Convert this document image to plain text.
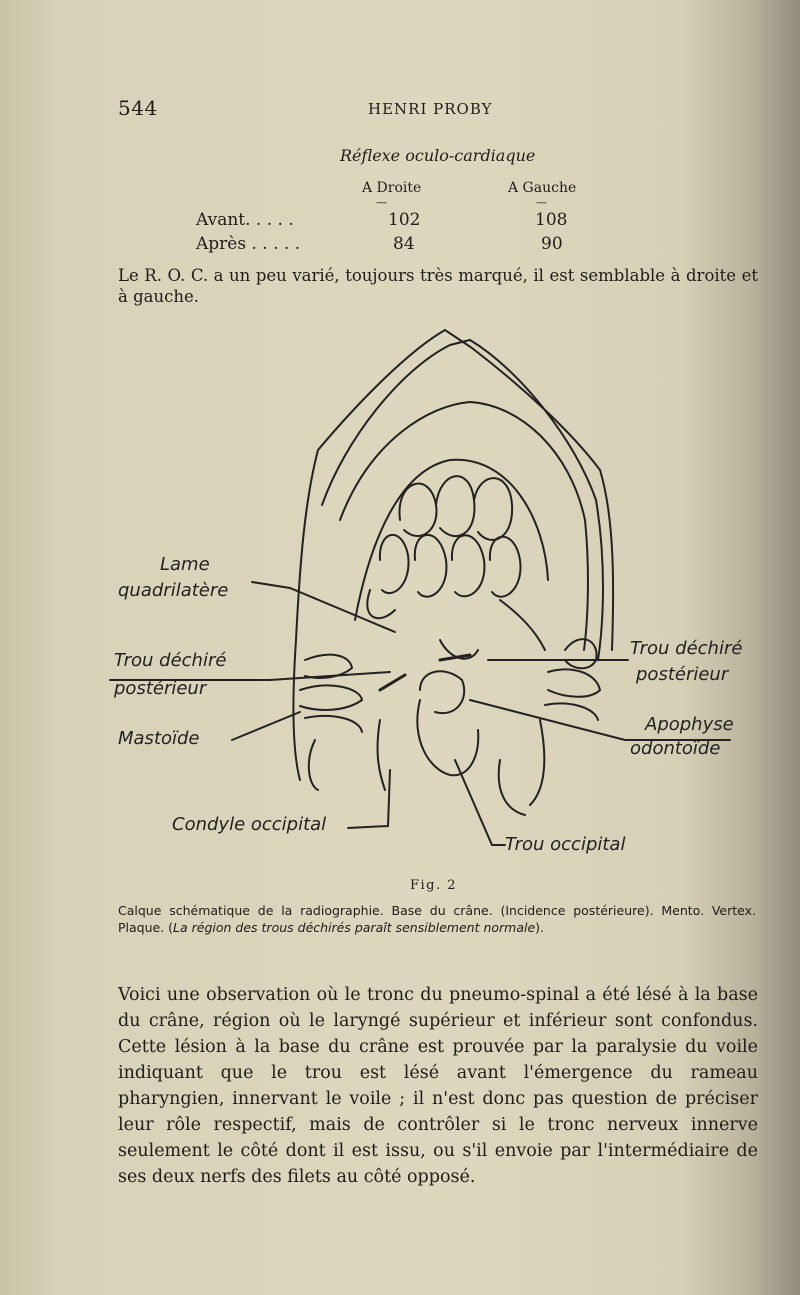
544	HENRI PROBY
Réflexe oculo-cardiaque
A Droite	A Gauche
—	—
Avant. . . . .	102	108
Après . . . . .	84	90
Le R. O. C. a un peu varié, toujours très marqué, il est semblable à droite et à gauche.
Lame
quadrilatère
Trou déchiré
postérieur
Mastoïde
Condyle occipital
Trou déchiré
postérieur
Apophyse
odontoïde
Trou occipital
Fig. 2
Calque schématique de la radiographie. Base du crâne. (Incidence postérieure). Mento. Vertex. Plaque. (La région des trous déchirés paraît sensiblement normale).
Voici une observation où le tronc du pneumo-spinal a été lésé à la base du crâne, région où le laryngé supérieur et inférieur sont confondus. Cette lésion à la base du crâne est prouvée par la paralysie du voile indiquant que le trou est lésé avant l'émergence du rameau pharyngien, innervant le voile ; il n'est donc pas question de préciser leur rôle respectif, mais de contrôler si le tronc nerveux innerve seulement le côté dont il est issu, ou s'il envoie par l'intermédiaire de ses deux nerfs des filets au côté opposé.
